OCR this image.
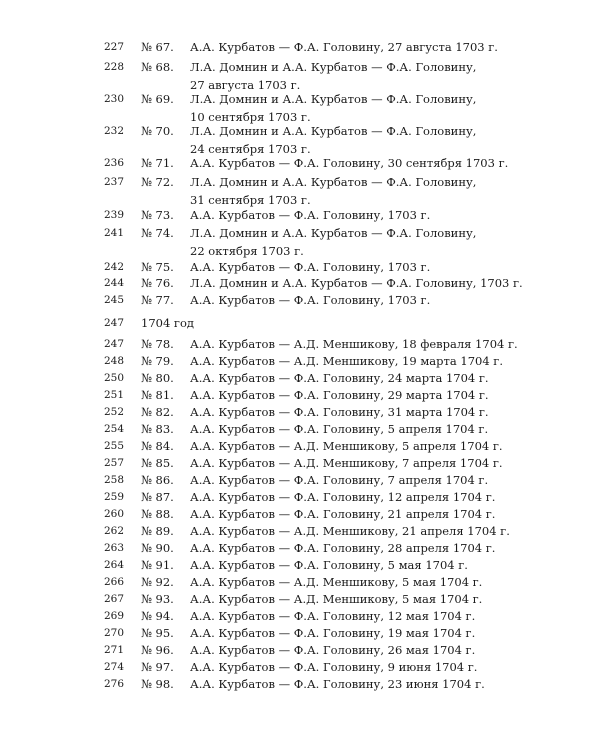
227	№ 67.	А.А. Курбатов — Ф.А. Головину, 27 августа 1703 г.
228	№ 68.	Л.А. Домнин и А.А. Курбатов — Ф.А. Головину,
27 августа 1703 г.
230	№ 69.	Л.А. Домнин и А.А. Курбатов — Ф.А. Головину,
10 сентября 1703 г.
232	№ 70.	Л.А. Домнин и А.А. Курбатов — Ф.А. Головину,
24 сентября 1703 г.
236	№ 71.	А.А. Курбатов — Ф.А. Головину, 30 сентября 1703 г.
237	№ 72.	Л.А. Домнин и А.А. Курбатов — Ф.А. Головину,
31 сентября 1703 г.
239	№ 73.	А.А. Курбатов — Ф.А. Головину, 1703 г.
241	№ 74.	Л.А. Домнин и А.А. Курбатов — Ф.А. Головину,
22 октября 1703 г.
242	№ 75.	А.А. Курбатов — Ф.А. Головину, 1703 г.
244	№ 76.	Л.А. Домнин и А.А. Курбатов — Ф.А. Головину, 1703 г.
245	№ 77.	А.А. Курбатов — Ф.А. Головину, 1703 г.
247	1704 год
247	№ 78.	А.А. Курбатов — А.Д. Меншикову, 18 февраля 1704 г.
248	№ 79.	А.А. Курбатов — А.Д. Меншикову, 19 марта 1704 г.
250	№ 80.	А.А. Курбатов — Ф.А. Головину, 24 марта 1704 г.
251	№ 81.	А.А. Курбатов — Ф.А. Головину, 29 марта 1704 г.
252	№ 82.	А.А. Курбатов — Ф.А. Головину, 31 марта 1704 г.
254	№ 83.	А.А. Курбатов — Ф.А. Головину, 5 апреля 1704 г.
255	№ 84.	А.А. Курбатов — А.Д. Меншикову, 5 апреля 1704 г.
257	№ 85.	А.А. Курбатов — А.Д. Меншикову, 7 апреля 1704 г.
258	№ 86.	А.А. Курбатов — Ф.А. Головину, 7 апреля 1704 г.
259	№ 87.	А.А. Курбатов — Ф.А. Головину, 12 апреля 1704 г.
260	№ 88.	А.А. Курбатов — Ф.А. Головину, 21 апреля 1704 г.
262	№ 89.	А.А. Курбатов — А.Д. Меншикову, 21 апреля 1704 г.
263	№ 90.	А.А. Курбатов — Ф.А. Головину, 28 апреля 1704 г.
264	№ 91.	А.А. Курбатов — Ф.А. Головину, 5 мая 1704 г.
266	№ 92.	А.А. Курбатов — А.Д. Меншикову, 5 мая 1704 г.
267	№ 93.	А.А. Курбатов — А.Д. Меншикову, 5 мая 1704 г.
269	№ 94.	А.А. Курбатов — Ф.А. Головину, 12 мая 1704 г.
270	№ 95.	А.А. Курбатов — Ф.А. Головину, 19 мая 1704 г.
271	№ 96.	А.А. Курбатов — Ф.А. Головину, 26 мая 1704 г.
274	№ 97.	А.А. Курбатов — Ф.А. Головину, 9 июня 1704 г.
276	№ 98.	А.А. Курбатов — Ф.А. Головину, 23 июня 1704 г.
